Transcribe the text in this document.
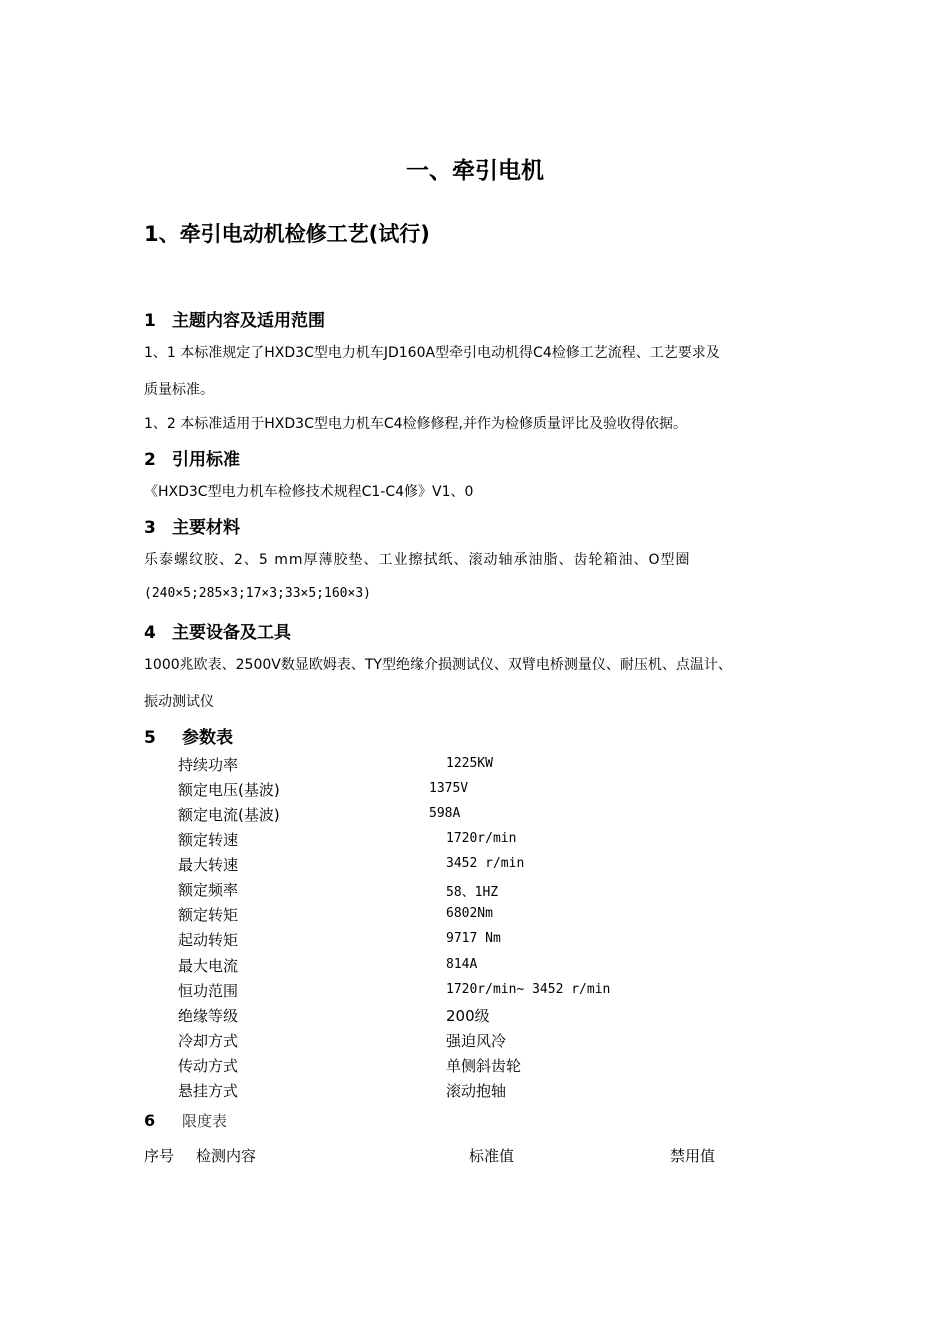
一、牵引电机
1、牵引电动机检修工艺(试行)
1 主题内容及适用范围
1、1 本标准规定了HXD3C型电力机车JD160A型牵引电动机得C4检修工艺流程、工艺要求及
质量标准。
1、2 本标准适用于HXD3C型电力机车C4检修修程,并作为检修质量评比及验收得依据。
2 引用标准
《HXD3C型电力机车检修技术规程C1-C4修》V1、0
3 主要材料
乐泰螺纹胶、2、5 mm厚薄胶垫、工业擦拭纸、滚动轴承油脂、齿轮箱油、O型圈
(240×5;285×3;17×3;33×5;160×3)
4 主要设备及工具
1000兆欧表、2500V数显欧姆表、TY型绝缘介损测试仪、双臂电桥测量仪、耐压机、点温计、
振动测试仪
5 参数表
持续功率	1225KW
额定电压(基波)	1375V
额定电流(基波)	598A
额定转速	1720r/min
最大转速	3452 r/min
额定频率	58、1HZ
额定转矩	6802Nm
起动转矩	9717 Nm
最大电流	814A
恒功范围	1720r/min~ 3452 r/min
绝缘等级	200级
冷却方式	强迫风冷
传动方式	单侧斜齿轮
悬挂方式	滚动抱轴
6 限度表
序号 检测内容	标准值	禁用值
